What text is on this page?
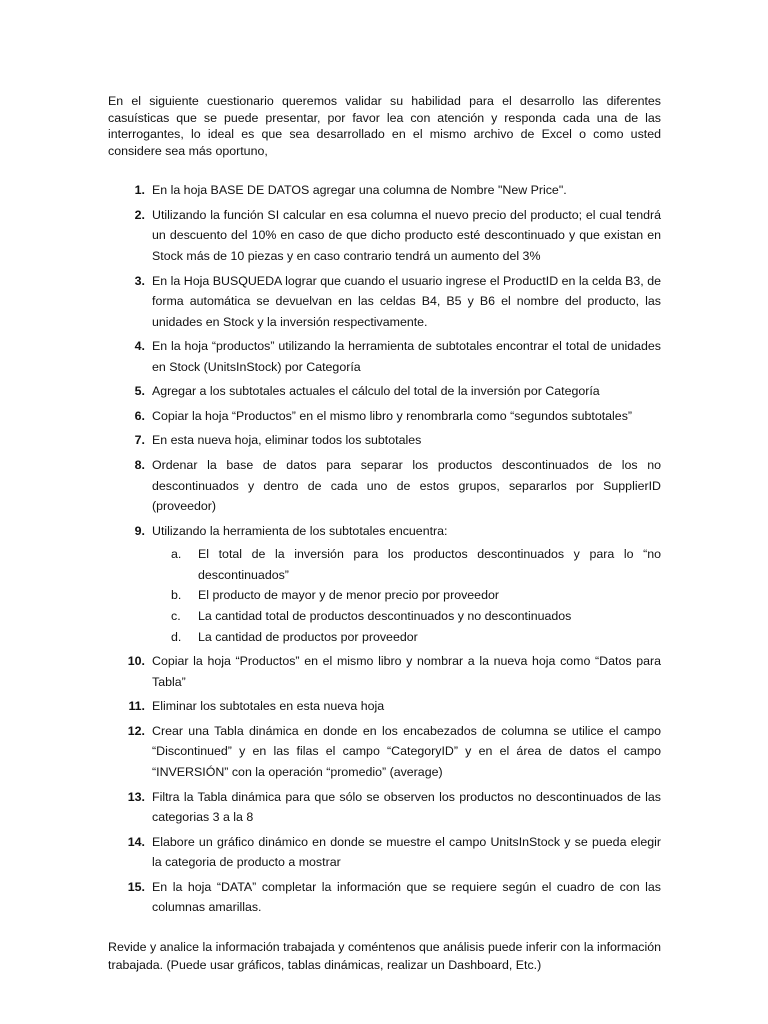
En el siguiente cuestionario queremos validar su habilidad para el desarrollo las diferentes casuísticas que se puede presentar, por favor lea con atención y responda cada una de las interrogantes, lo ideal es que sea desarrollado en el mismo archivo de Excel o como usted considere sea más oportuno,

1. En la hoja BASE DE DATOS agregar una columna de Nombre "New Price".
2. Utilizando la función SI calcular en esa columna el nuevo precio del producto; el cual tendrá un descuento del 10% en caso de que dicho producto esté descontinuado y que existan en Stock más de 10 piezas y en caso contrario tendrá un aumento del 3%
3. En la Hoja BUSQUEDA lograr que cuando el usuario ingrese el ProductID en la celda B3, de forma automática se devuelvan en las celdas B4, B5 y B6 el nombre del producto, las unidades en Stock y la inversión respectivamente.
4. En la hoja “productos” utilizando la herramienta de subtotales encontrar el total de unidades en Stock (UnitsInStock) por Categoría
5. Agregar a los subtotales actuales el cálculo del total de la inversión por Categoría
6. Copiar la hoja “Productos” en el mismo libro y renombrarla como “segundos subtotales”
7. En esta nueva hoja, eliminar todos los subtotales
8. Ordenar la base de datos para separar los productos descontinuados de los no descontinuados y dentro de cada uno de estos grupos, separarlos por SupplierID (proveedor)
9. Utilizando la herramienta de los subtotales encuentra:
a.	El total de la inversión para los productos descontinuados y para lo “no descontinuados”
b.	El producto de mayor y de menor precio por proveedor
c.	La cantidad total de productos descontinuados y no descontinuados
d.	La cantidad de productos por proveedor
10. Copiar la hoja “Productos” en el mismo libro y nombrar a la nueva hoja como “Datos para Tabla”
11. Eliminar los subtotales en esta nueva hoja
12. Crear una Tabla dinámica en donde en los encabezados de columna se utilice el campo “Discontinued” y en las filas el campo “CategoryID” y en el área de datos el campo “INVERSIÓN” con la operación “promedio” (average)
13. Filtra la Tabla dinámica para que sólo se observen los productos no descontinuados de las categorias 3 a la 8
14. Elabore un gráfico dinámico en donde se muestre el campo UnitsInStock y se pueda elegir la categoria de producto a mostrar
15. En la hoja “DATA” completar la información que se requiere según el cuadro de con las columnas amarillas.

Revide y analice la información trabajada y coméntenos que análisis puede inferir con la información trabajada. (Puede usar gráficos, tablas dinámicas, realizar un Dashboard, Etc.)
